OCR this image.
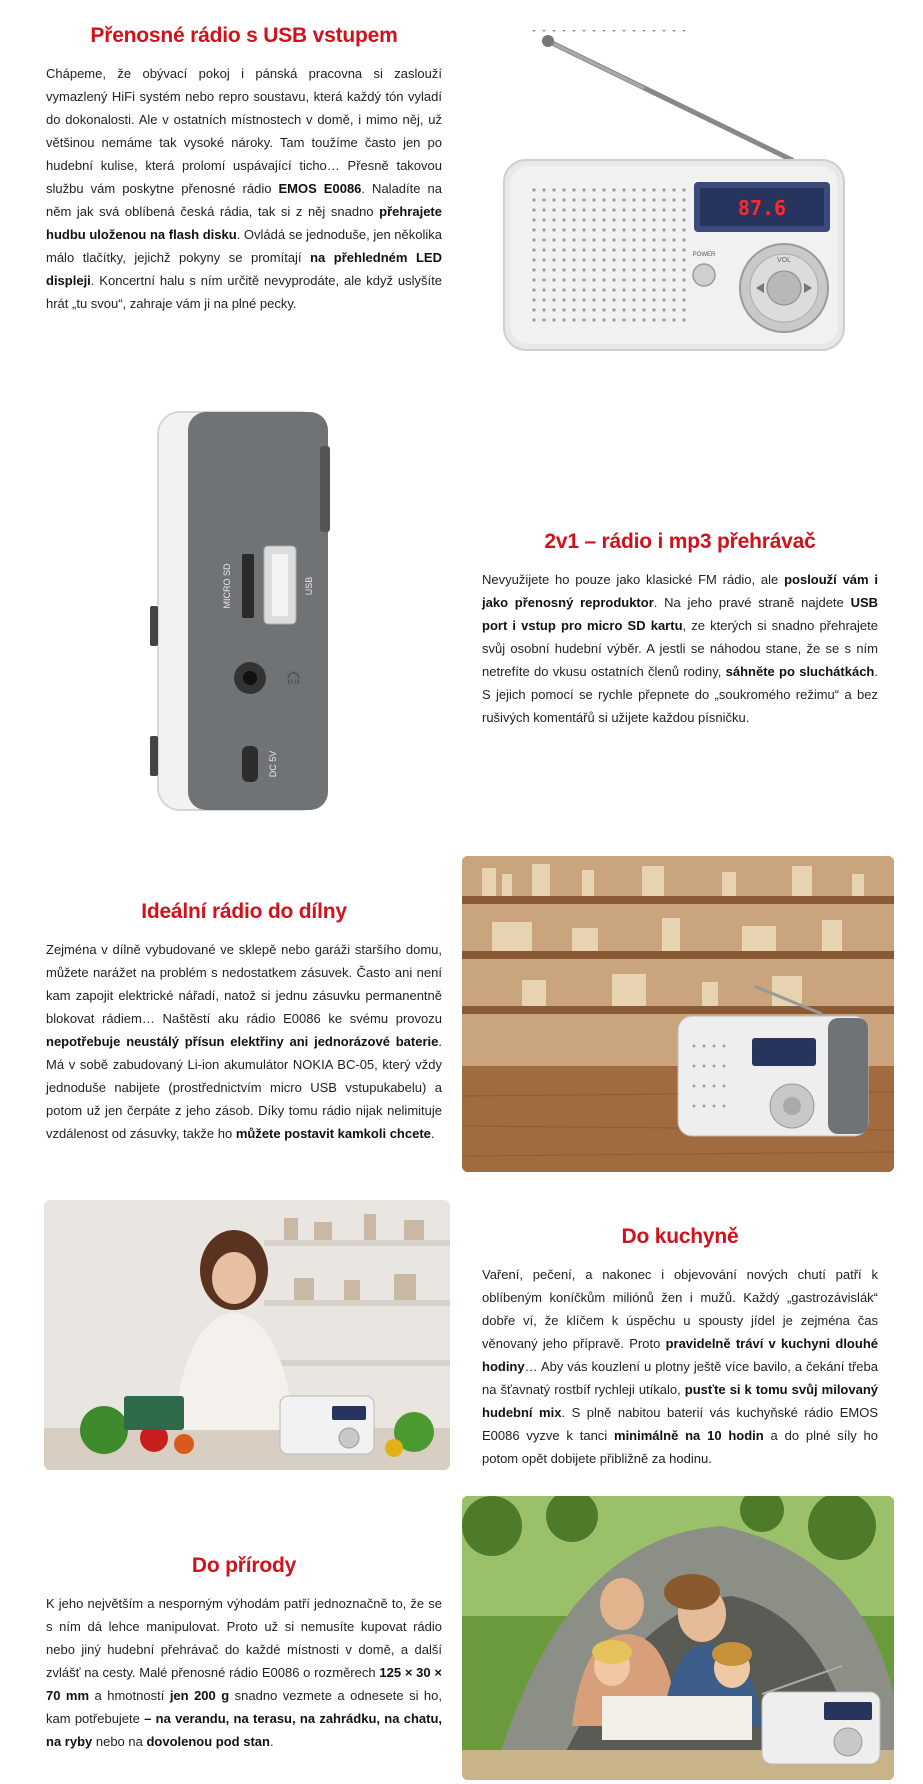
Přenosné rádio s USB vstupem

Chápeme, že obývací pokoj i pánská pracovna si zaslouží vymazlený HiFi systém nebo repro soustavu, která každý tón vyladí do dokonalosti. Ale v ostatních místnostech v domě, i mimo něj, už většinou nemáme tak vysoké nároky. Tam toužíme často jen po hudební kulise, která prolomí uspávající ticho… Přesně takovou službu vám poskytne přenosné rádio EMOS E0086. Naladíte na něm jak svá oblíbená česká rádia, tak si z něj snadno přehrajete hudbu uloženou na flash disku. Ovládá se jednoduše, jen několika málo tlačítky, jejichž pokyny se promítají na přehledném LED displeji. Koncertní halu s ním určitě nevyprodáte, ale když uslyšíte hrát „tu svou“, zahraje vám ji na plné pecky.

87.6
POWER
VOL
MICRO SD	USB
🎧
DC 5V
2v1 – rádio i mp3 přehrávač

Nevyužijete ho pouze jako klasické FM rádio, ale poslouží vám i jako přenosný reproduktor. Na jeho pravé straně najdete USB port i vstup pro micro SD kartu, ze kterých si snadno přehrajete svůj osobní hudební výběr. A jestli se náhodou stane, že se s ním netrefíte do vkusu ostatních členů rodiny, sáhněte po sluchátkách. S jejich pomocí se rychle přepnete do „soukromého režimu“ a bez rušivých komentářů si užijete každou písničku.

Ideální rádio do dílny

Zejména v dílně vybudované ve sklepě nebo garáži staršího domu, můžete narážet na problém s nedostatkem zásuvek. Často ani není kam zapojit elektrické nářadí, natož si jednu zásuvku permanentně blokovat rádiem… Naštěstí aku rádio E0086 ke svému provozu nepotřebuje neustálý přísun elektřiny ani jednorázové baterie. Má v sobě zabudovaný Li-ion akumulátor NOKIA BC-05, který vždy jednoduše nabijete (prostřednictvím micro USB vstupukabelu) a potom už jen čerpáte z jeho zásob. Díky tomu rádio nijak nelimituje vzdálenost od zásuvky, takže ho můžete postavit kamkoli chcete.

Do kuchyně

Vaření, pečení, a nakonec i objevování nových chutí patří k oblíbeným koníčkům miliónů žen i mužů. Každý „gastrozávislák“ dobře ví, že klíčem k úspěchu u spousty jídel je zejména čas věnovaný jeho přípravě. Proto pravidelně tráví v kuchyni dlouhé hodiny… Aby vás kouzlení u plotny ještě více bavilo, a čekání třeba na šťavnatý rostbíf rychleji utíkalo, pusťte si k tomu svůj milovaný hudební mix. S plně nabitou baterií vás kuchyňské rádio EMOS E0086 vyzve k tanci minimálně na 10 hodin a do plné síly ho potom opět dobijete přibližně za hodinu.

Do přírody

K jeho největším a nesporným výhodám patří jednoznačně to, že se s ním dá lehce manipulovat. Proto už si nemusíte kupovat rádio nebo jiný hudební přehrávač do každé místnosti v domě, a další zvlášť na cesty. Malé přenosné rádio E0086 o rozměrech 125 × 30 × 70 mm a hmotností jen 200 g snadno vezmete a odnesete si ho, kam potřebujete – na verandu, na terasu, na zahrádku, na chatu, na ryby nebo na dovolenou pod stan.
